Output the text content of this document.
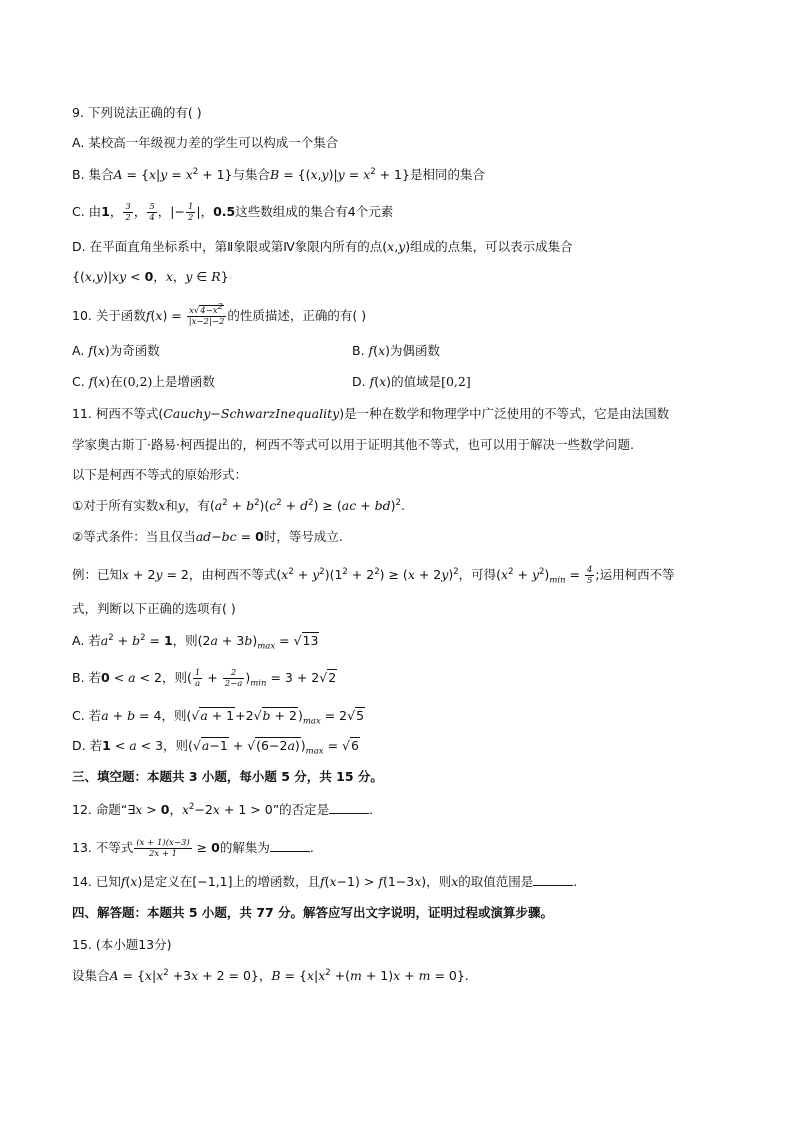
9. 下列说法正确的有( )
A. 某校高一年级视力差的学生可以构成一个集合
B. 集合$A = \{x|y = x^2 + 1\}$与集合$B = \{(x,y)|y = x^2 + 1\}$是相同的集合
C. 由1， $\frac{3}{2}$ ， $\frac{5}{4}$ ，|− $\frac{1}{2}$ |，0.5这些数组成的集合有4个元素
D. 在平面直角坐标系中，第Ⅱ象限或第Ⅳ象限内所有的点(x,y)组成的点集，可以表示成集合
{(x,y)|xy < 0，x，y ∈ R}
10. 关于函数$f(x) = \frac{x√4-x^2}{|x-2|-2}$ 的性质描述，正确的有( )
A. f(x)为奇函数	B. f(x)为偶函数
C. f(x)在(0,2)上是增函数	D. f(x)的值域是[0,2]
11. 柯西不等式(Cauchy−SchwarzInequality)是一种在数学和物理学中广泛使用的不等式，它是由法国数
学家奥古斯丁·路易·柯西提出的，柯西不等式可以用于证明其他不等式，也可以用于解决一些数学问题.
以下是柯西不等式的原始形式：
①对于所有实数x和y，有$(a^2 + b^2)(c^2 + d^2) \ge (ac + bd)^2$.
②等式条件：当且仅当ad−bc = 0时，等号成立.
例：已知x + 2y = 2，由柯西不等式$(x^2 + y^2)(1^2 + 2^2) \ge (x + 2y)^2$，可得$(x^2 + y^2)_{min} = \frac{4}{5}$ ;运用柯西不等
式，判断以下正确的选项有( )
A. 若$a^2 + b^2 = 1$，则$(2a + 3b)_{max} = √13$
B. 若0 < a < 2，则( $\frac{1}{a} + \frac{2}{2-a} )_{min} = 3 + 2√2$
C. 若a + b = 4，则$(√a + 1+2√b + 2)_{max} = 2√5$
D. 若1 < a < 3，则$(√a-1 + √(6-2a))_{max} = √6$
三、填空题：本题共 3 小题，每小题 5 分，共 15 分。
12. 命题“∃x > 0，$x^2-2x + 1 > 0$”的否定是	.
13. 不等式 $\frac{(x + 1)(x-3)}{2x + 1} \ge 0$的解集为	.
14. 已知f(x)是定义在[−1,1]上的增函数，且f(x−1) > f(1−3x)，则x的取值范围是	.
四、解答题：本题共 5 小题，共 77 分。解答应写出文字说明，证明过程或演算步骤。
15. (本小题13分)
设集合$A = \{x|x^2 +3x + 2 = 0\}$，$B = \{x|x^2 +(m + 1)x + m = 0\}$.
